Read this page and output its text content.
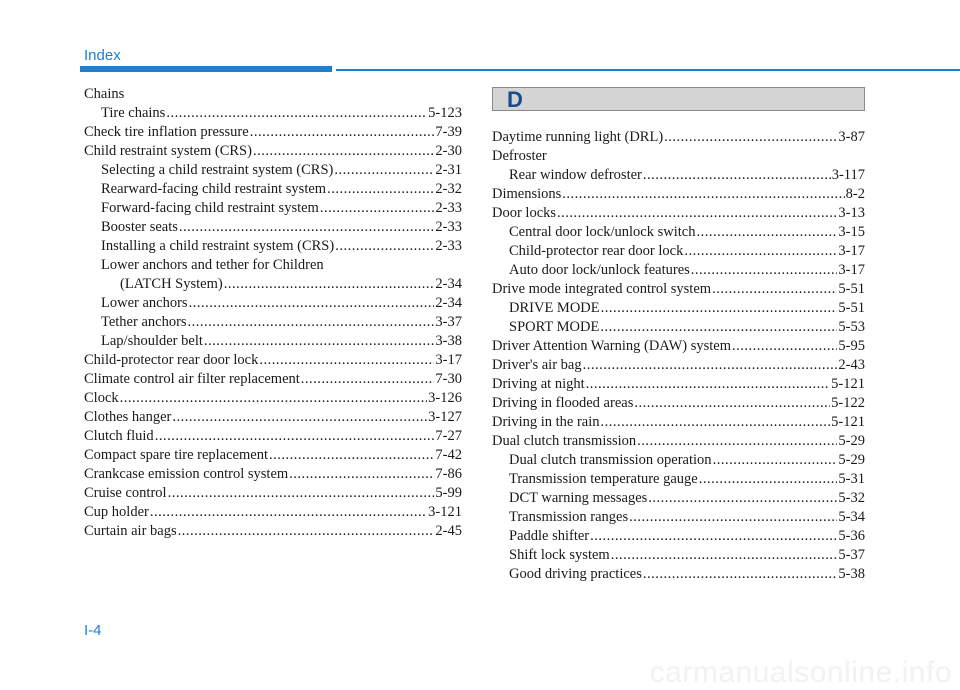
Index
Chains
Tire chains .....	5-123
Check tire inflation pressure .....	7-39
Child restraint system (CRS) .....	2-30
Selecting a child restraint system (CRS) .....	2-31
Rearward-facing child restraint system .....	2-32
Forward-facing child restraint system .....	2-33
Booster seats .....	2-33
Installing a child restraint system (CRS) .....	2-33
Lower anchors and tether for Children
(LATCH System) .....	2-34
Lower anchors .....	2-34
Tether anchors .....	3-37
Lap/shoulder belt .....	3-38
Child-protector rear door lock .....	3-17
Climate control air filter replacement .....	7-30
Clock .....	3-126
Clothes hanger .....	3-127
Clutch fluid .....	7-27
Compact spare tire replacement .....	7-42
Crankcase emission control system .....	7-86
Cruise control .....	5-99
Cup holder .....	3-121
Curtain air bags .....	2-45
D
Daytime running light (DRL) .....	3-87
Defroster
Rear window defroster .....	3-117
Dimensions .....	8-2
Door locks .....	3-13
Central door lock/unlock switch .....	3-15
Child-protector rear door lock .....	3-17
Auto door lock/unlock features .....	3-17
Drive mode integrated control system .....	5-51
DRIVE MODE .....	5-51
SPORT MODE .....	5-53
Driver Attention Warning (DAW) system .....	5-95
Driver's air bag .....	2-43
Driving at night .....	5-121
Driving in flooded areas .....	5-122
Driving in the rain .....	5-121
Dual clutch transmission .....	5-29
Dual clutch transmission operation .....	5-29
Transmission temperature gauge .....	5-31
DCT warning messages .....	5-32
Transmission ranges .....	5-34
Paddle shifter .....	5-36
Shift lock system .....	5-37
Good driving practices .....	5-38
I-4
carmanualsonline.info
